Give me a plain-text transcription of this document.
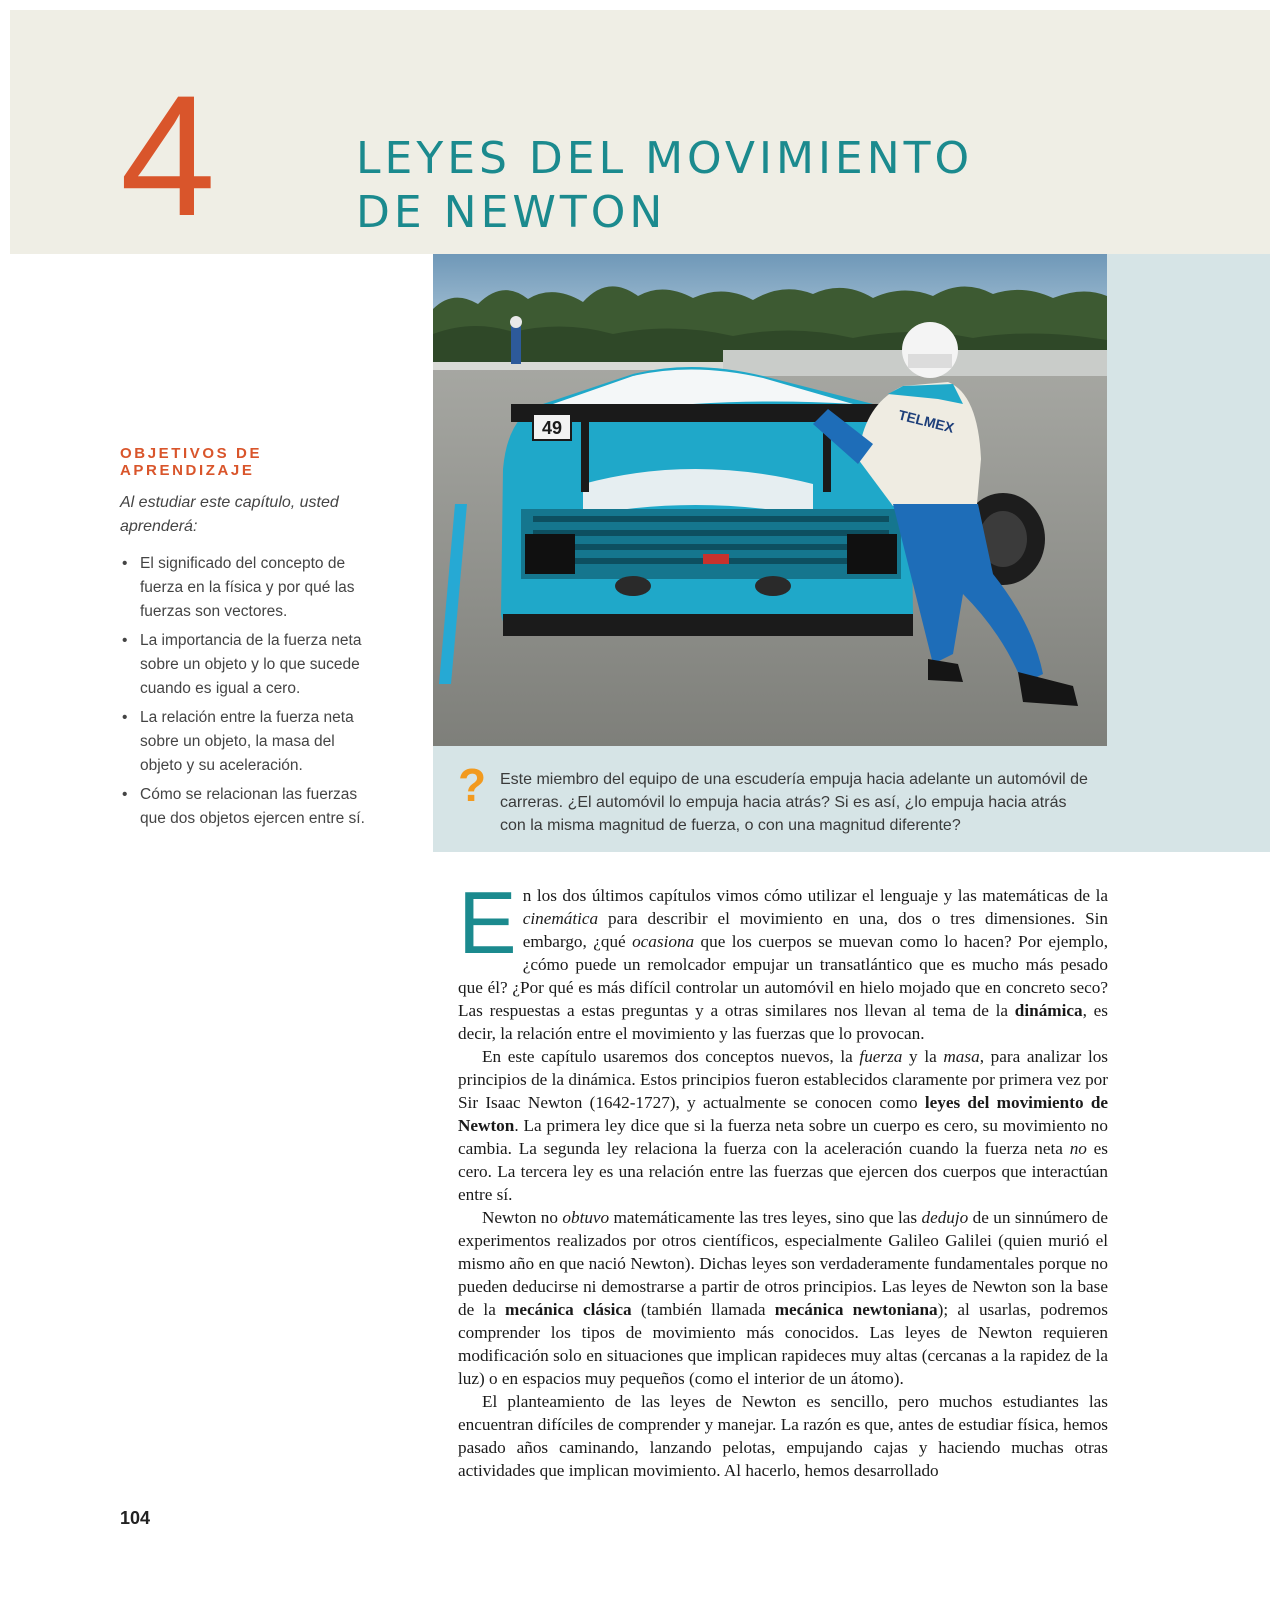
4	LEYES DEL MOVIMIENTO
DE NEWTON
49	TELMEX
? Este miembro del equipo de una escudería empuja hacia adelante un automóvil de carreras. ¿El automóvil lo empuja hacia atrás? Si es así, ¿lo empuja hacia atrás con la misma magnitud de fuerza, o con una magnitud diferente?

OBJETIVOS DE APRENDIZAJE

Al estudiar este capítulo, usted aprenderá:

• El significado del concepto de fuerza en la física y por qué las fuerzas son vectores.
• La importancia de la fuerza neta sobre un objeto y lo que sucede cuando es igual a cero.
• La relación entre la fuerza neta sobre un objeto, la masa del objeto y su aceleración.
• Cómo se relacionan las fuerzas que dos objetos ejercen entre sí.

En los dos últimos capítulos vimos cómo utilizar el lenguaje y las matemáticas de la cinemática para describir el movimiento en una, dos o tres dimensiones. Sin embargo, ¿qué ocasiona que los cuerpos se muevan como lo hacen? Por ejemplo, ¿cómo puede un remolcador empujar un transatlántico que es mucho más pesado que él? ¿Por qué es más difícil controlar un automóvil en hielo mojado que en concreto seco? Las respuestas a estas preguntas y a otras similares nos llevan al tema de la dinámica, es decir, la relación entre el movimiento y las fuerzas que lo provocan.

En este capítulo usaremos dos conceptos nuevos, la fuerza y la masa, para analizar los principios de la dinámica. Estos principios fueron establecidos claramente por primera vez por Sir Isaac Newton (1642-1727), y actualmente se conocen como leyes del movimiento de Newton. La primera ley dice que si la fuerza neta sobre un cuerpo es cero, su movimiento no cambia. La segunda ley relaciona la fuerza con la aceleración cuando la fuerza neta no es cero. La tercera ley es una relación entre las fuerzas que ejercen dos cuerpos que interactúan entre sí.

Newton no obtuvo matemáticamente las tres leyes, sino que las dedujo de un sinnúmero de experimentos realizados por otros científicos, especialmente Galileo Galilei (quien murió el mismo año en que nació Newton). Dichas leyes son verdaderamente fundamentales porque no pueden deducirse ni demostrarse a partir de otros principios. Las leyes de Newton son la base de la mecánica clásica (también llamada mecánica newtoniana); al usarlas, podremos comprender los tipos de movimiento más conocidos. Las leyes de Newton requieren modificación solo en situaciones que implican rapideces muy altas (cercanas a la rapidez de la luz) o en espacios muy pequeños (como el interior de un átomo).

El planteamiento de las leyes de Newton es sencillo, pero muchos estudiantes las encuentran difíciles de comprender y manejar. La razón es que, antes de estudiar física, hemos pasado años caminando, lanzando pelotas, empujando cajas y haciendo muchas otras actividades que implican movimiento. Al hacerlo, hemos desarrollado

104
